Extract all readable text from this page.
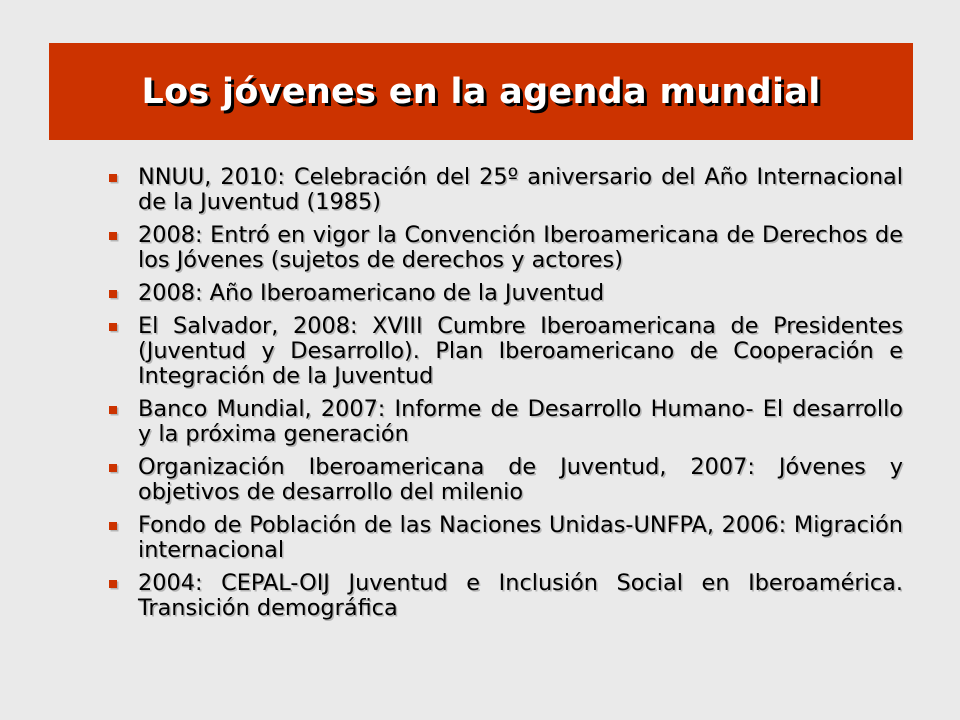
Los jóvenes en la agenda mundial
NNUU, 2010: Celebración del 25º aniversario del Año Internacional de la Juventud (1985)
2008: Entró en vigor la Convención Iberoamericana de Derechos de los Jóvenes (sujetos de derechos y actores)
2008: Año Iberoamericano de la Juventud
El Salvador, 2008: XVIII Cumbre Iberoamericana de Presidentes (Juventud y Desarrollo). Plan Iberoamericano de Cooperación e Integración de la Juventud
Banco Mundial, 2007: Informe de Desarrollo Humano- El desarrollo y la próxima generación
Organización Iberoamericana de Juventud, 2007: Jóvenes y objetivos de desarrollo del milenio
Fondo de Población de las Naciones Unidas-UNFPA, 2006: Migración internacional
2004: CEPAL-OIJ Juventud e Inclusión Social en Iberoamérica. Transición demográfica
